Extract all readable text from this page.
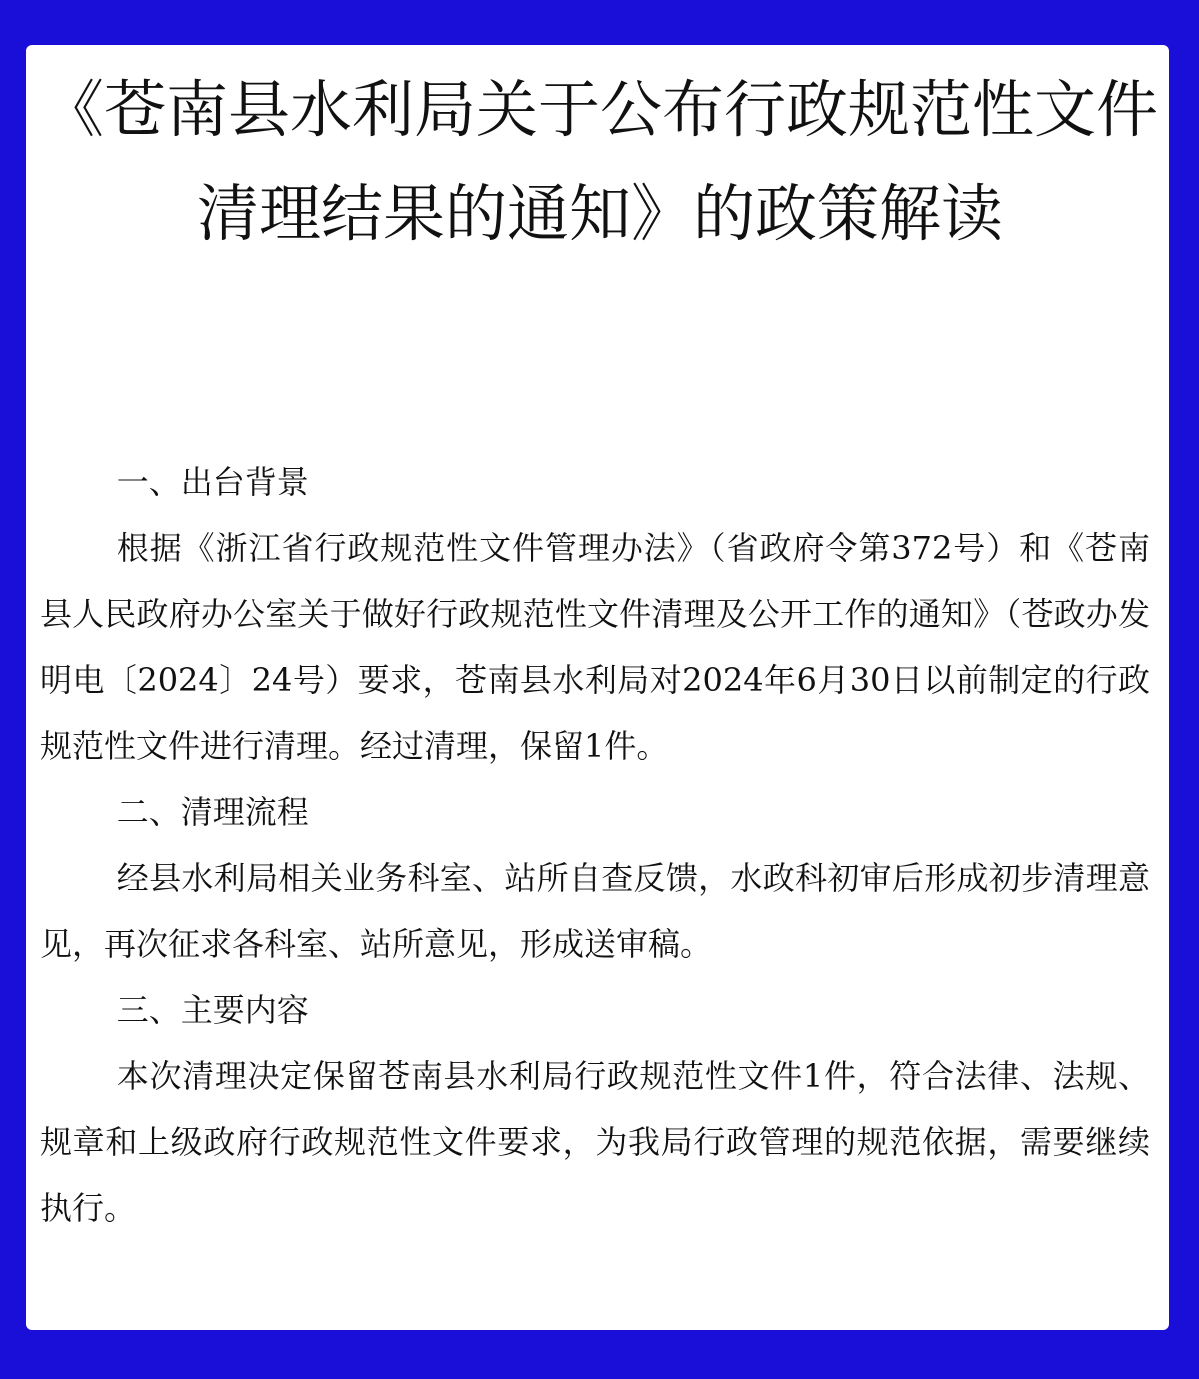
《苍南县水利局关于公布行政规范性文件清理结果的通知》的政策解读

一、出台背景

根据《浙江省行政规范性文件管理办法》（省政府令第372号）和《苍南县人民政府办公室关于做好行政规范性文件清理及公开工作的通知》（苍政办发明电〔2024〕24号）要求，苍南县水利局对2024年6月30日以前制定的行政规范性文件进行清理。经过清理，保留1件。

二、清理流程

经县水利局相关业务科室、站所自查反馈，水政科初审后形成初步清理意见，再次征求各科室、站所意见，形成送审稿。

三、主要内容

本次清理决定保留苍南县水利局行政规范性文件1件，符合法律、法规、规章和上级政府行政规范性文件要求，为我局行政管理的规范依据，需要继续执行。
